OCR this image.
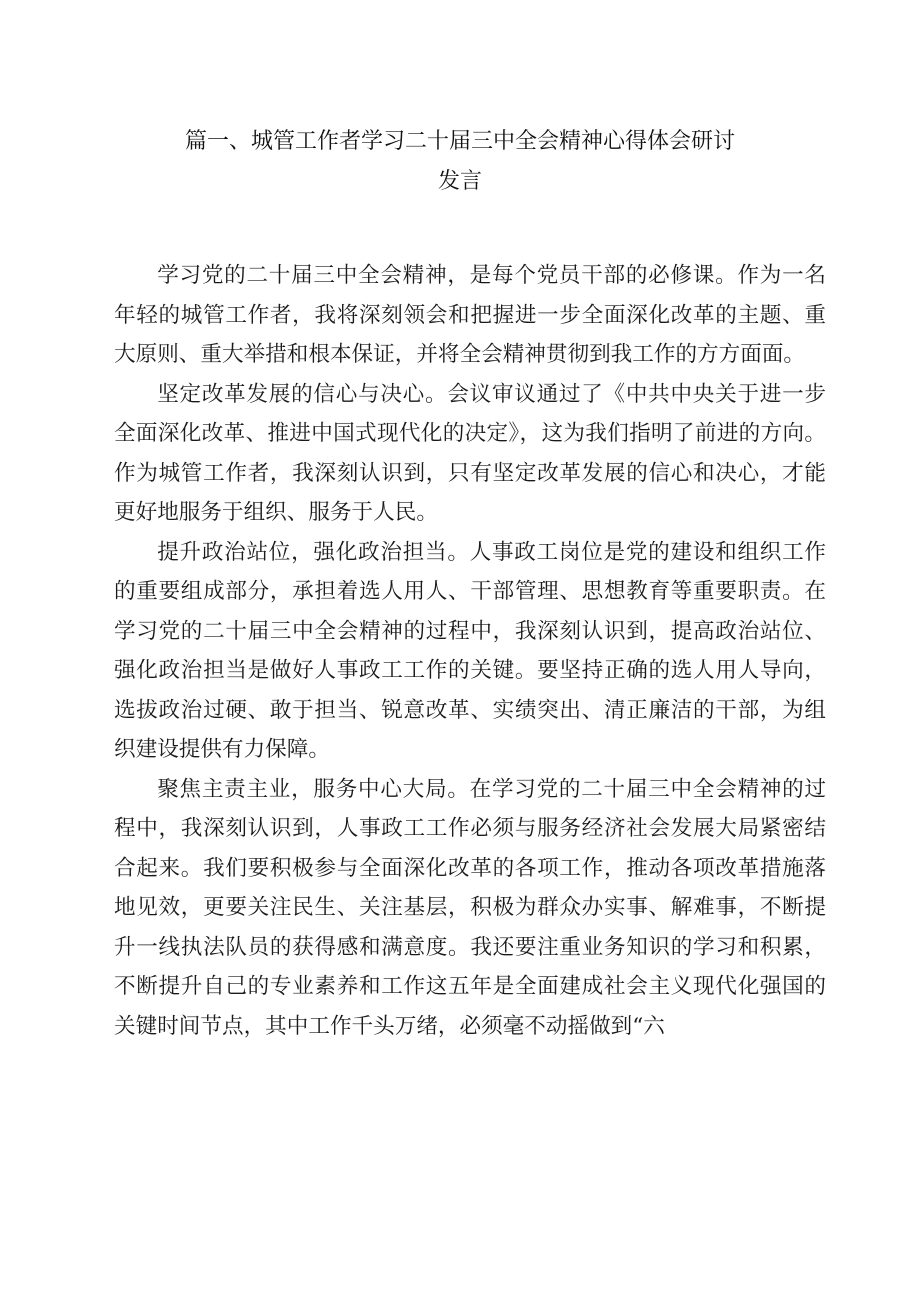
篇一、城管工作者学习二十届三中全会精神心得体会研讨
发言

学习党的二十届三中全会精神，是每个党员干部的必修课。作为一名年轻的城管工作者，我将深刻领会和把握进一步全面深化改革的主题、重大原则、重大举措和根本保证，并将全会精神贯彻到我工作的方方面面。

坚定改革发展的信心与决心。会议审议通过了《中共中央关于进一步全面深化改革、推进中国式现代化的决定》，这为我们指明了前进的方向。作为城管工作者，我深刻认识到，只有坚定改革发展的信心和决心，才能更好地服务于组织、服务于人民。

提升政治站位，强化政治担当。人事政工岗位是党的建设和组织工作的重要组成部分，承担着选人用人、干部管理、思想教育等重要职责。在学习党的二十届三中全会精神的过程中，我深刻认识到，提高政治站位、强化政治担当是做好人事政工工作的关键。要坚持正确的选人用人导向，选拔政治过硬、敢于担当、锐意改革、实绩突出、清正廉洁的干部，为组织建设提供有力保障。

聚焦主责主业，服务中心大局。在学习党的二十届三中全会精神的过程中，我深刻认识到，人事政工工作必须与服务经济社会发展大局紧密结合起来。我们要积极参与全面深化改革的各项工作，推动各项改革措施落地见效，更要关注民生、关注基层，积极为群众办实事、解难事，不断提升一线执法队员的获得感和满意度。我还要注重业务知识的学习和积累，不断提升自己的专业素养和工作这五年是全面建成社会主义现代化强国的关键时间节点，其中工作千头万绪，必须毫不动摇做到“六
